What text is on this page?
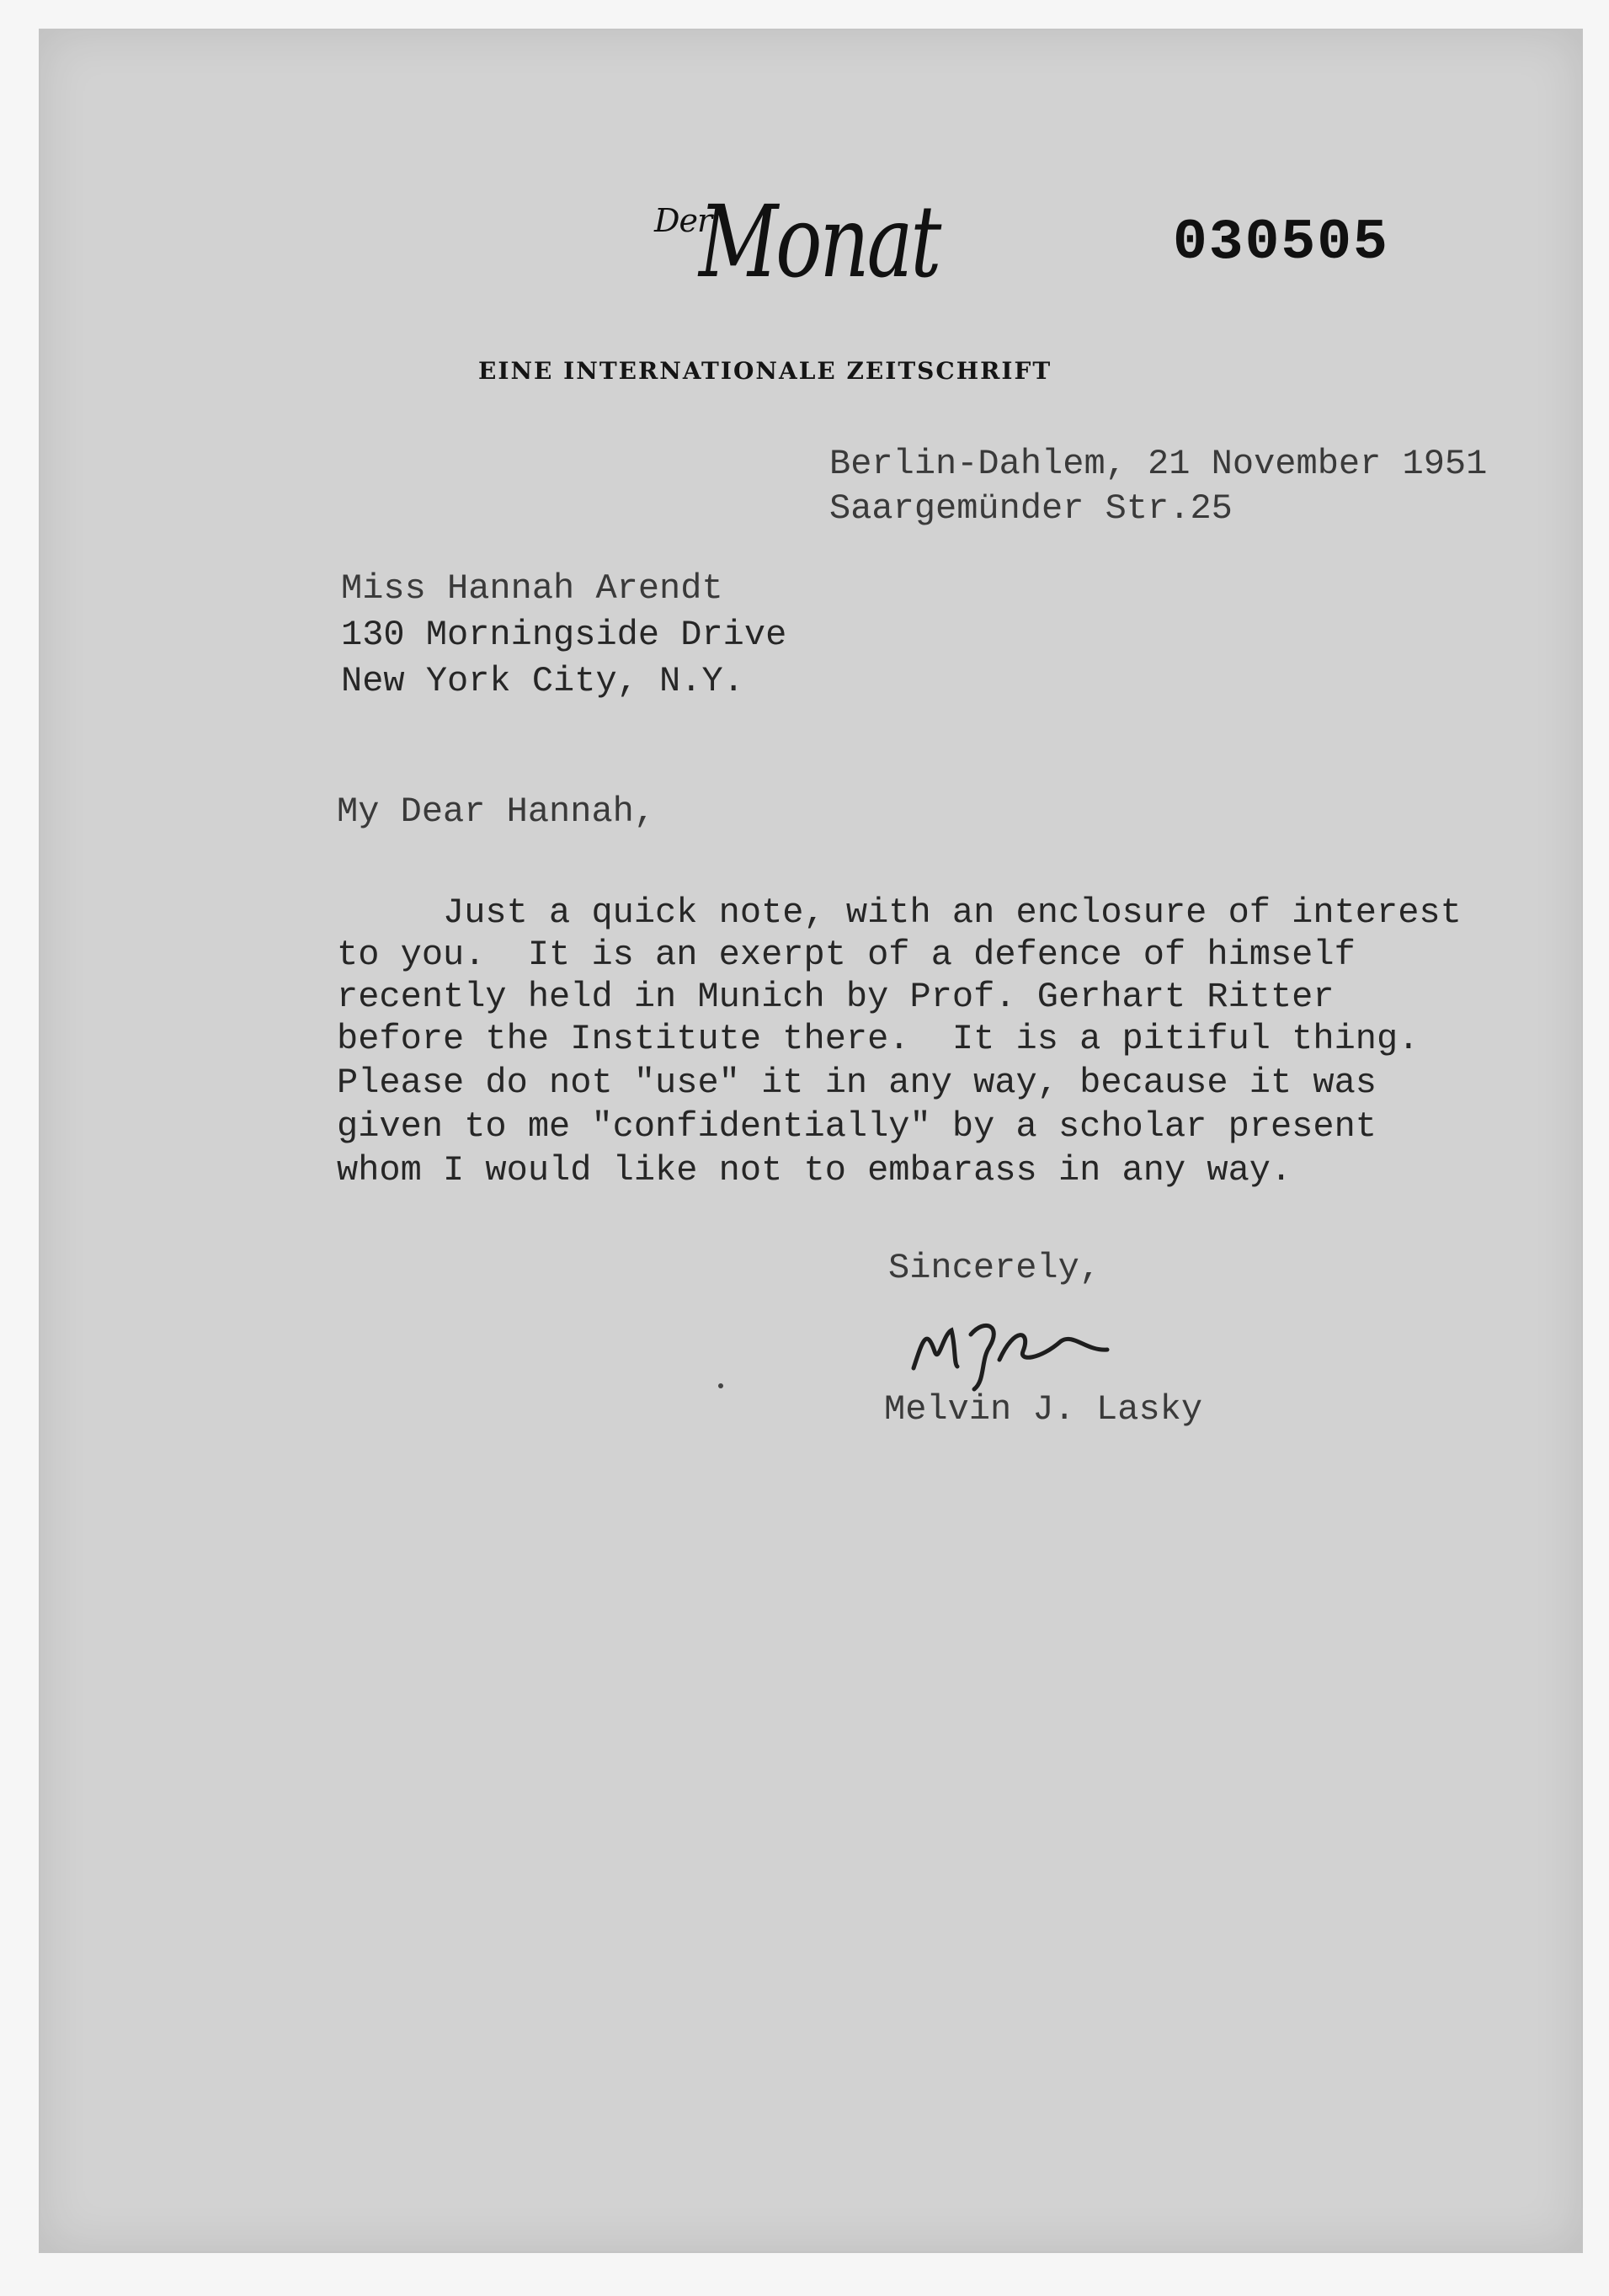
Der
Monat	030505
EINE INTERNATIONALE ZEITSCHRIFT
Berlin-Dahlem, 21 November 1951
Saargemünder Str.25
Miss Hannah Arendt
130 Morningside Drive
New York City, N.Y.
My Dear Hannah,
Just a quick note, with an enclosure of interest
to you.  It is an exerpt of a defence of himself
recently held in Munich by Prof. Gerhart Ritter
before the Institute there.  It is a pitiful thing.
Please do not "use" it in any way, because it was
given to me "confidentially" by a scholar present
whom I would like not to embarass in any way.
Sincerely,
Melvin J. Lasky
